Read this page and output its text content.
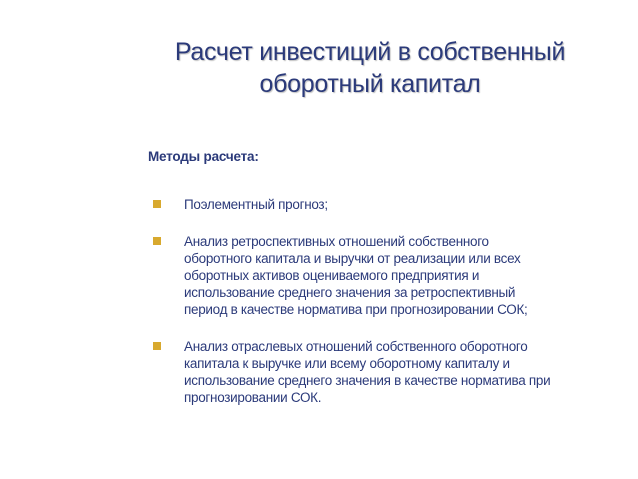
Расчет инвестиций в собственный
оборотный капитал
Методы расчета:
Поэлементный прогноз;
Анализ ретроспективных отношений собственного
оборотного капитала и выручки от реализации или всех
оборотных активов оцениваемого предприятия и
использование среднего значения за ретроспективный
период в качестве норматива при прогнозировании СОК;
Анализ отраслевых отношений собственного оборотного
капитала к выручке или всему оборотному капиталу и
использование среднего значения в качестве норматива при
прогнозировании СОК.
